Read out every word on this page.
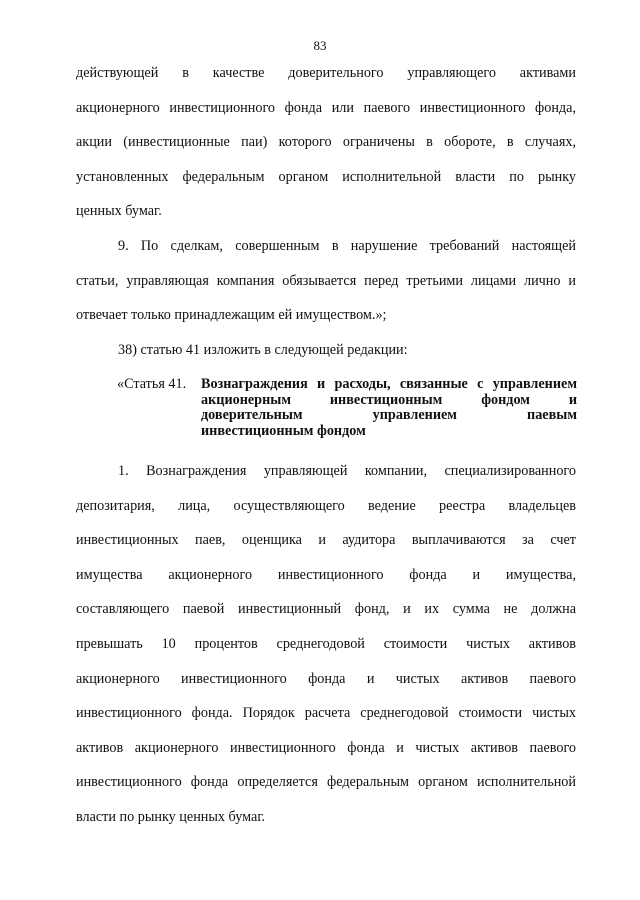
83
действующей в качестве доверительного управляющего активами
акционерного инвестиционного фонда или паевого инвестиционного фонда,
акции (инвестиционные паи) которого ограничены в обороте, в случаях,
установленных федеральным органом исполнительной власти по рынку
ценных бумаг.
9. По сделкам, совершенным в нарушение требований настоящей
статьи, управляющая компания обязывается перед третьими лицами лично и
отвечает только принадлежащим ей имуществом.»;
38) статью 41 изложить в следующей редакции:
«Статья 41.	Вознаграждения и расходы, связанные с управлением
акционерным инвестиционным фондом и
доверительным управлением паевым
инвестиционным фондом
1. Вознаграждения управляющей компании, специализированного
депозитария, лица, осуществляющего ведение реестра владельцев
инвестиционных паев, оценщика и аудитора выплачиваются за счет
имущества акционерного инвестиционного фонда и имущества,
составляющего паевой инвестиционный фонд, и их сумма не должна
превышать 10 процентов среднегодовой стоимости чистых активов
акционерного инвестиционного фонда и чистых активов паевого
инвестиционного фонда. Порядок расчета среднегодовой стоимости чистых
активов акционерного инвестиционного фонда и чистых активов паевого
инвестиционного фонда определяется федеральным органом исполнительной
власти по рынку ценных бумаг.
